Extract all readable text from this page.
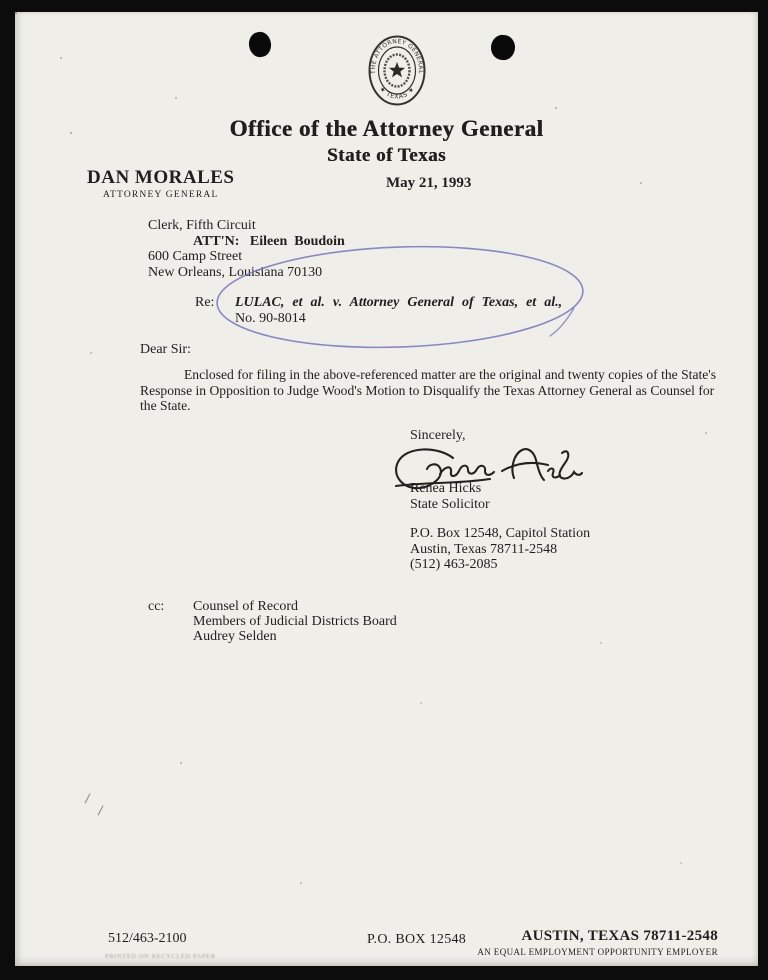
THE ATTORNEY GENERAL
★ TEXAS ★
Office of the Attorney General
State of Texas
DAN MORALES
ATTORNEY GENERAL
May 21, 1993
Clerk, Fifth Circuit
ATT'N:   Eileen  Boudoin
600 Camp Street
New Orleans, Louisiana 70130
Re: LULAC, et al. v. Attorney General of Texas, et al.,
No. 90-8014
Dear Sir:
Enclosed for filing in the above-referenced matter are the original and twenty copies of the State's Response in Opposition to Judge Wood's Motion to Disqualify the Texas Attorney General as Counsel for the State.
Sincerely,
Renea Hicks
State Solicitor
P.O. Box 12548, Capitol Station
Austin, Texas 78711-2548
(512) 463-2085
cc: Counsel of Record
Members of Judicial Districts Board
Audrey Selden
512/463-2100
PRINTED ON RECYCLED PAPER
P.O. BOX 12548	AUSTIN, TEXAS 78711-2548
AN EQUAL EMPLOYMENT OPPORTUNITY EMPLOYER
